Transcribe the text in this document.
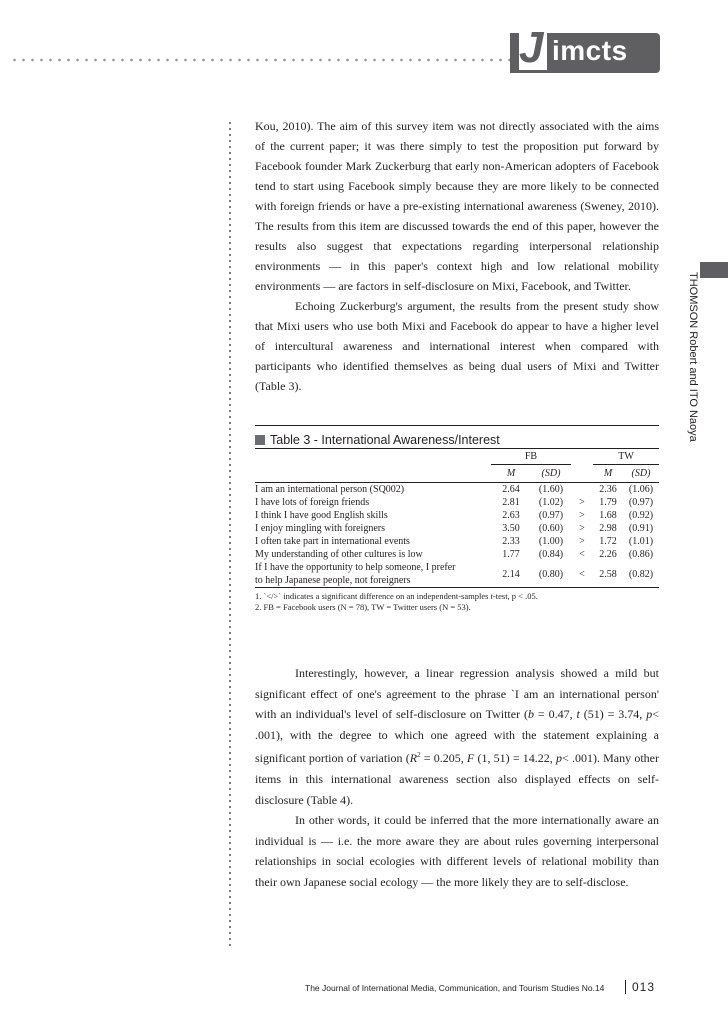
J imcts
THOMSON Robert and ITO Naoya

Kou, 2010). The aim of this survey item was not directly associated with the aims of the current paper; it was there simply to test the proposition put forward by Facebook founder Mark Zuckerburg that early non-American adopters of Facebook tend to start using Facebook simply because they are more likely to be connected with foreign friends or have a pre-existing international awareness (Sweney, 2010). The results from this item are discussed towards the end of this paper, however the results also suggest that expectations regarding interpersonal relationship environments — in this paper's context high and low relational mobility environments — are factors in self-disclosure on Mixi, Facebook, and Twitter.

Echoing Zuckerburg's argument, the results from the present study show that Mixi users who use both Mixi and Facebook do appear to have a higher level of intercultural awareness and international interest when compared with participants who identified themselves as being dual users of Mixi and Twitter (Table 3).

Table 3 - International Awareness/Interest
	FB			TW	
	M	(SD)		M	(SD)
I am an international person (SQ002)	2.64	(1.60)		2.36	(1.06)
I have lots of foreign friends	2.81	(1.02)	>	1.79	(0.97)
I think I have good English skills	2.63	(0.97)	>	1.68	(0.92)
I enjoy mingling with foreigners	3.50	(0.60)	>	2.98	(0.91)
I often take part in international events	2.33	(1.00)	>	1.72	(1.01)
My understanding of other cultures is low	1.77	(0.84)	<	2.26	(0.86)
If I have the opportunity to help someone, I prefer
to help Japanese people, not foreigners	2.14	(0.80)	<	2.58	(0.82)
1. `</>` indicates a significant difference on an independent-samples t-test, p < .05.
2. FB = Facebook users (N = 78), TW = Twitter users (N = 53).

Interestingly, however, a linear regression analysis showed a mild but significant effect of one's agreement to the phrase `I am an international person' with an individual's level of self-disclosure on Twitter (b = 0.47, t (51) = 3.74, p< .001), with the degree to which one agreed with the statement explaining a significant portion of variation ($R^2 = 0.205$, F (1, 51) = 14.22, p< .001). Many other items in this international awareness section also displayed effects on self-disclosure (Table 4).

In other words, it could be inferred that the more internationally aware an individual is — i.e. the more aware they are about rules governing interpersonal relationships in social ecologies with different levels of relational mobility than their own Japanese social ecology — the more likely they are to self-disclose.

The Journal of International Media, Communication, and Tourism Studies No.14 013
